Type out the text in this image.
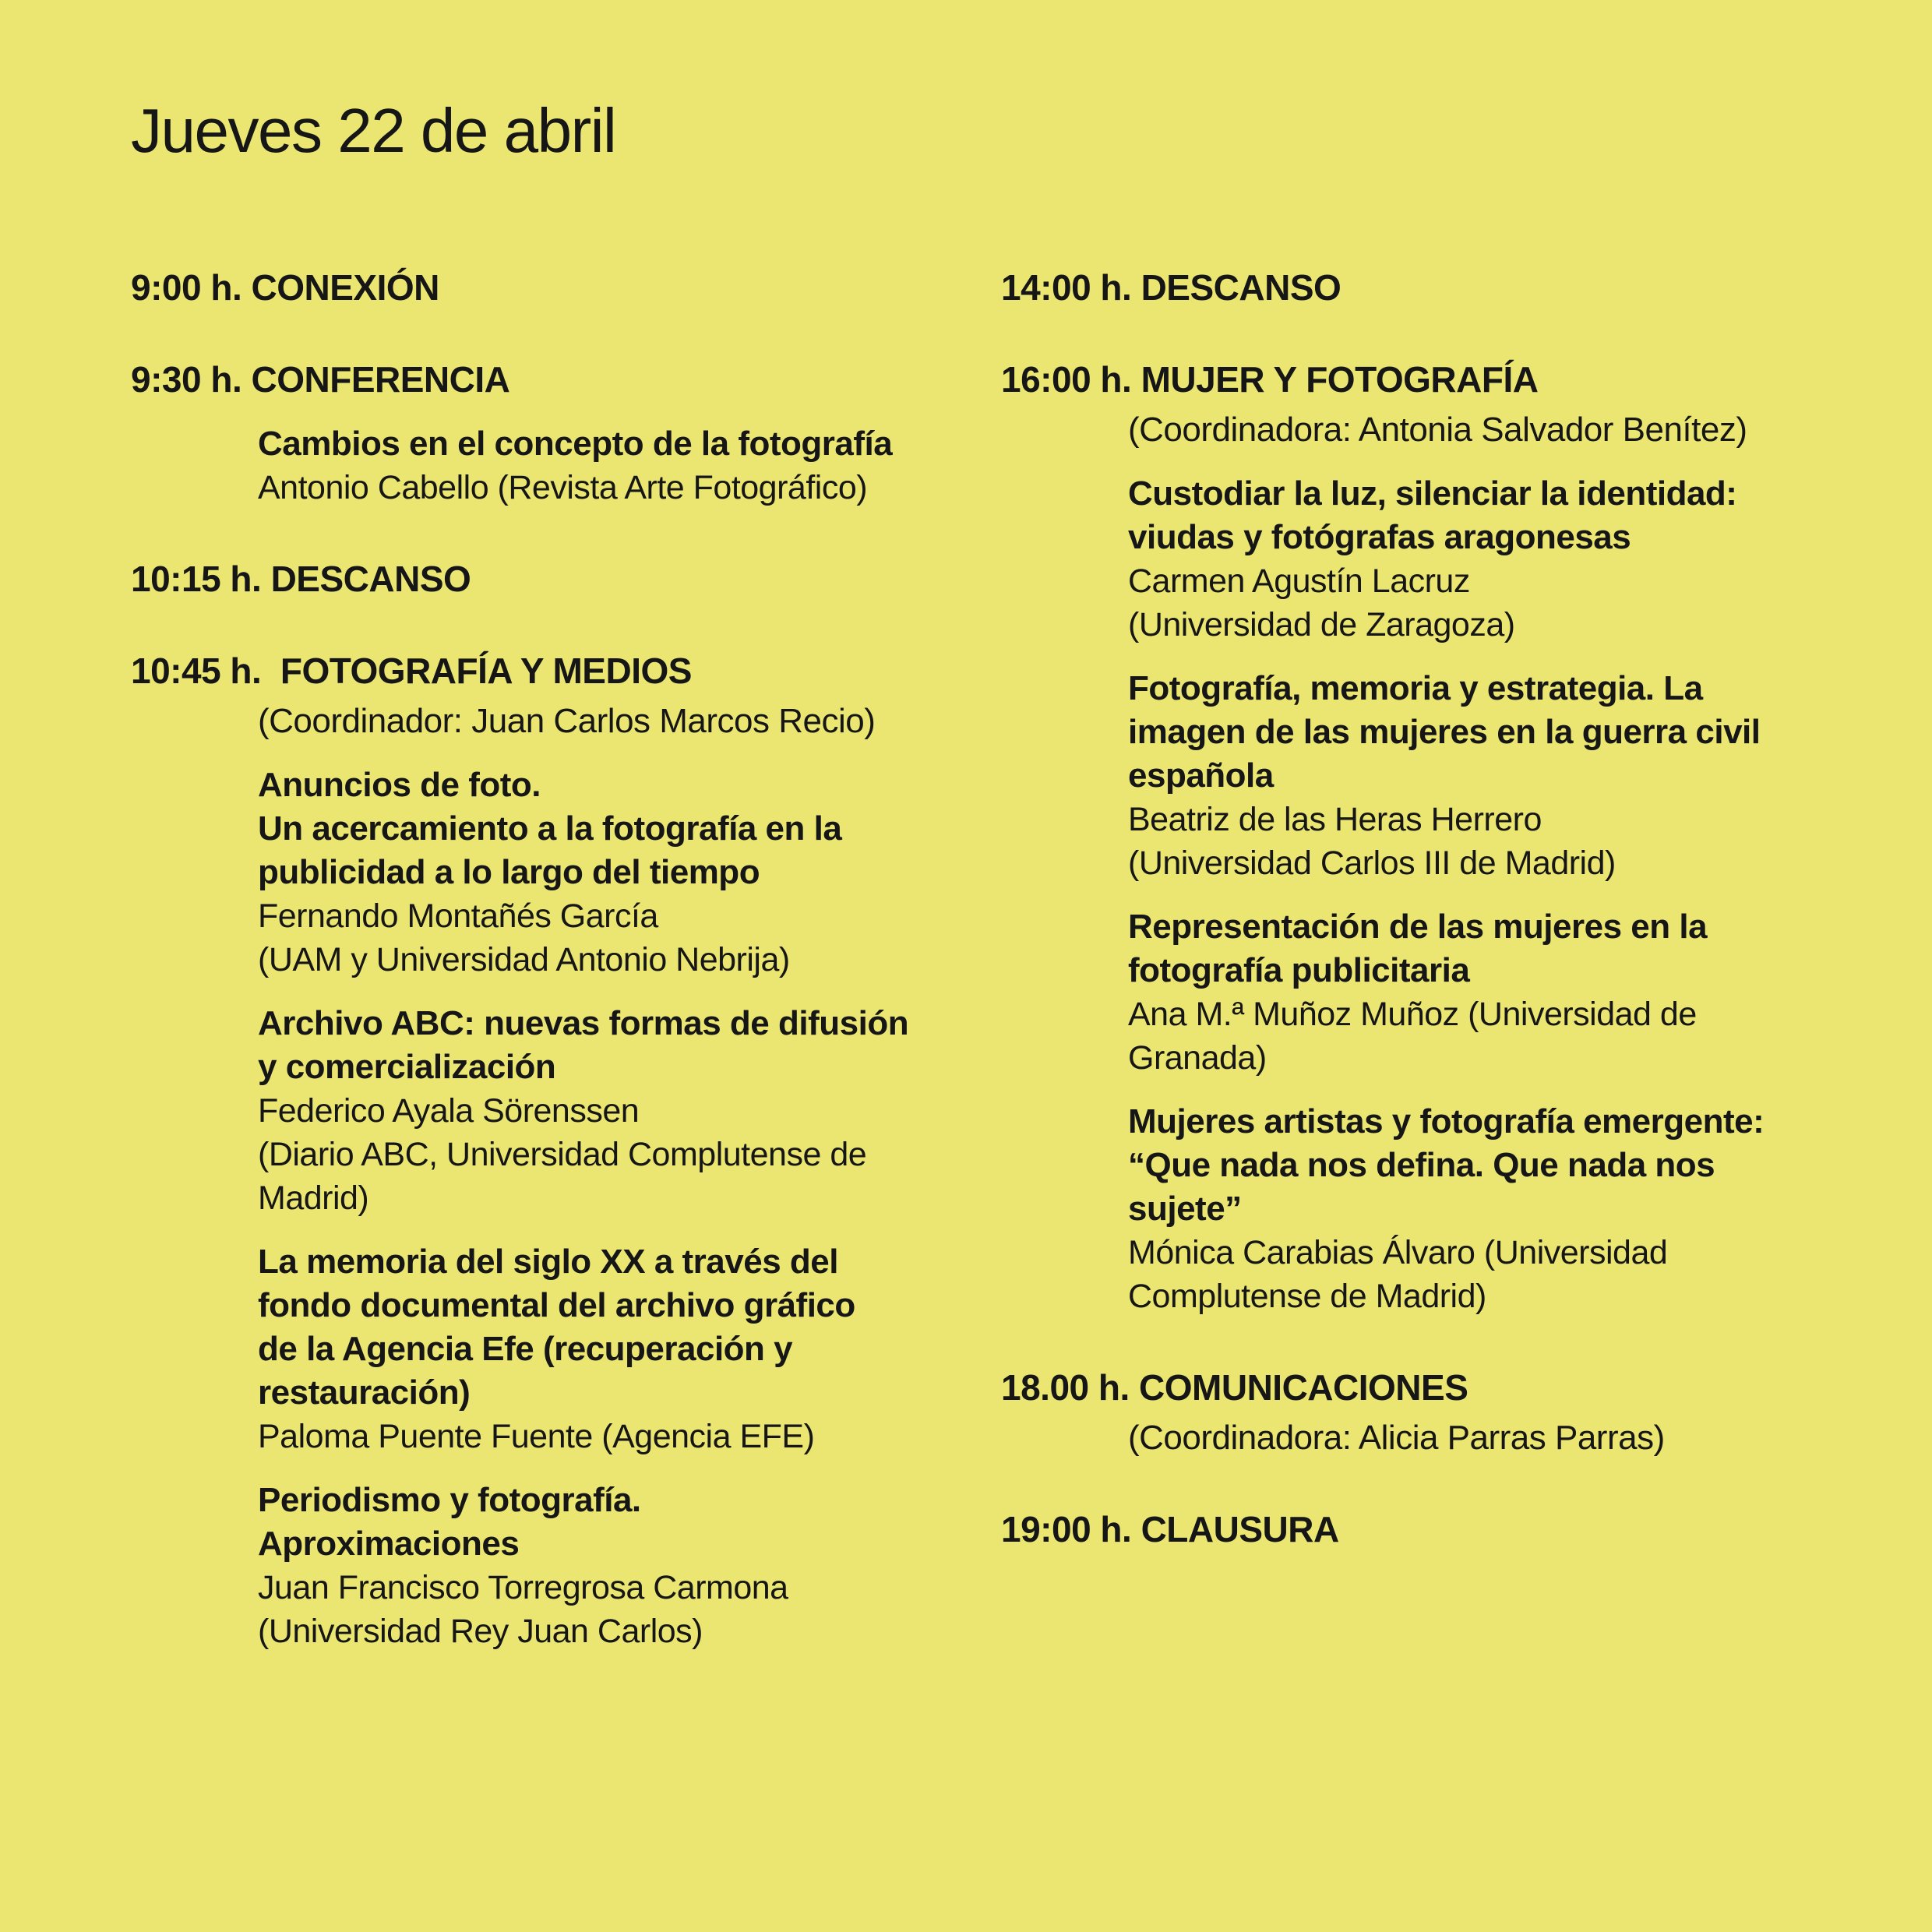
Jueves 22 de abril
9:00 h. CONEXIÓN
9:30 h. CONFERENCIA
Cambios en el concepto de la fotografía
Antonio Cabello (Revista Arte Fotográfico)
10:15 h. DESCANSO
10:45 h.  FOTOGRAFÍA Y MEDIOS
(Coordinador: Juan Carlos Marcos Recio)
Anuncios de foto.
Un acercamiento a la fotografía en la
publicidad a lo largo del tiempo
Fernando Montañés García
(UAM y Universidad Antonio Nebrija)
Archivo ABC: nuevas formas de difusión
y comercialización
Federico Ayala Sörenssen
(Diario ABC, Universidad Complutense de
Madrid)
La memoria del siglo XX a través del
fondo documental del archivo gráfico
de la Agencia Efe (recuperación y
restauración)
Paloma Puente Fuente (Agencia EFE)
Periodismo y fotografía.
Aproximaciones
Juan Francisco Torregrosa Carmona
(Universidad Rey Juan Carlos)
14:00 h. DESCANSO
16:00 h. MUJER Y FOTOGRAFÍA
(Coordinadora: Antonia Salvador Benítez)
Custodiar la luz, silenciar la identidad:
viudas y fotógrafas aragonesas
Carmen Agustín Lacruz
(Universidad de Zaragoza)
Fotografía, memoria y estrategia. La
imagen de las mujeres en la guerra civil
española
Beatriz de las Heras Herrero
(Universidad Carlos III de Madrid)
Representación de las mujeres en la
fotografía publicitaria
Ana M.ª Muñoz Muñoz (Universidad de Granada)
Mujeres artistas y fotografía emergente:
“Que nada nos defina. Que nada nos
sujete”
Mónica Carabias Álvaro (Universidad
Complutense de Madrid)
18.00 h. COMUNICACIONES
(Coordinadora: Alicia Parras Parras)
19:00 h. CLAUSURA
